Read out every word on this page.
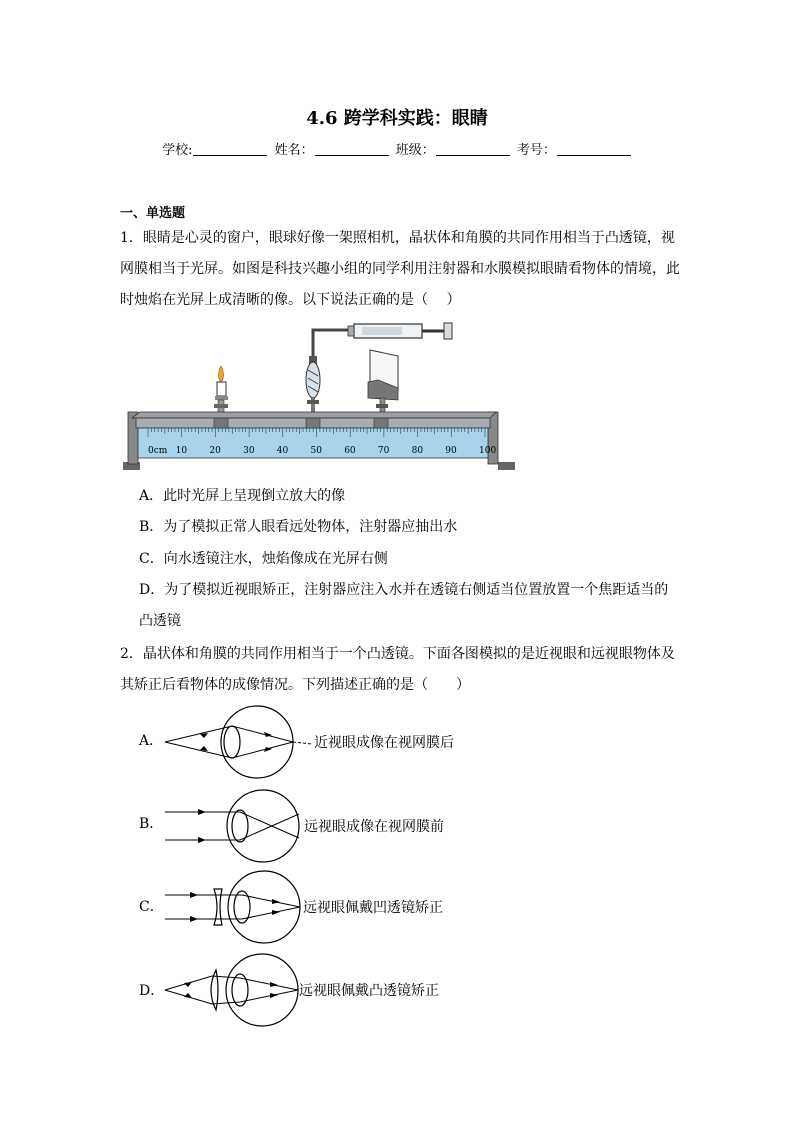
4.6 跨学科实践：眼睛
学校:	姓名：	班级：	考号：
一、单选题
1．眼睛是心灵的窗户，眼球好像一架照相机，晶状体和角膜的共同作用相当于凸透镜，视
网膜相当于光屏。如图是科技兴趣小组的同学利用注射器和水膜模拟眼睛看物体的情境，此
时烛焰在光屏上成清晰的像。以下说法正确的是（　 ）
0cm 10 20 30 40 50 60 70 80 90 100
A．此时光屏上呈现倒立放大的像
B．为了模拟正常人眼看远处物体，注射器应抽出水
C．向水透镜注水，烛焰像成在光屏右侧
D．为了模拟近视眼矫正，注射器应注入水并在透镜右侧适当位置放置一个焦距适当的
凸透镜
2．晶状体和角膜的共同作用相当于一个凸透镜。下面各图模拟的是近视眼和远视眼物体及
其矫正后看物体的成像情况。下列描述正确的是（　　）
A．	近视眼成像在视网膜后
B．	远视眼成像在视网膜前
C．	远视眼佩戴凹透镜矫正
D．	远视眼佩戴凸透镜矫正
